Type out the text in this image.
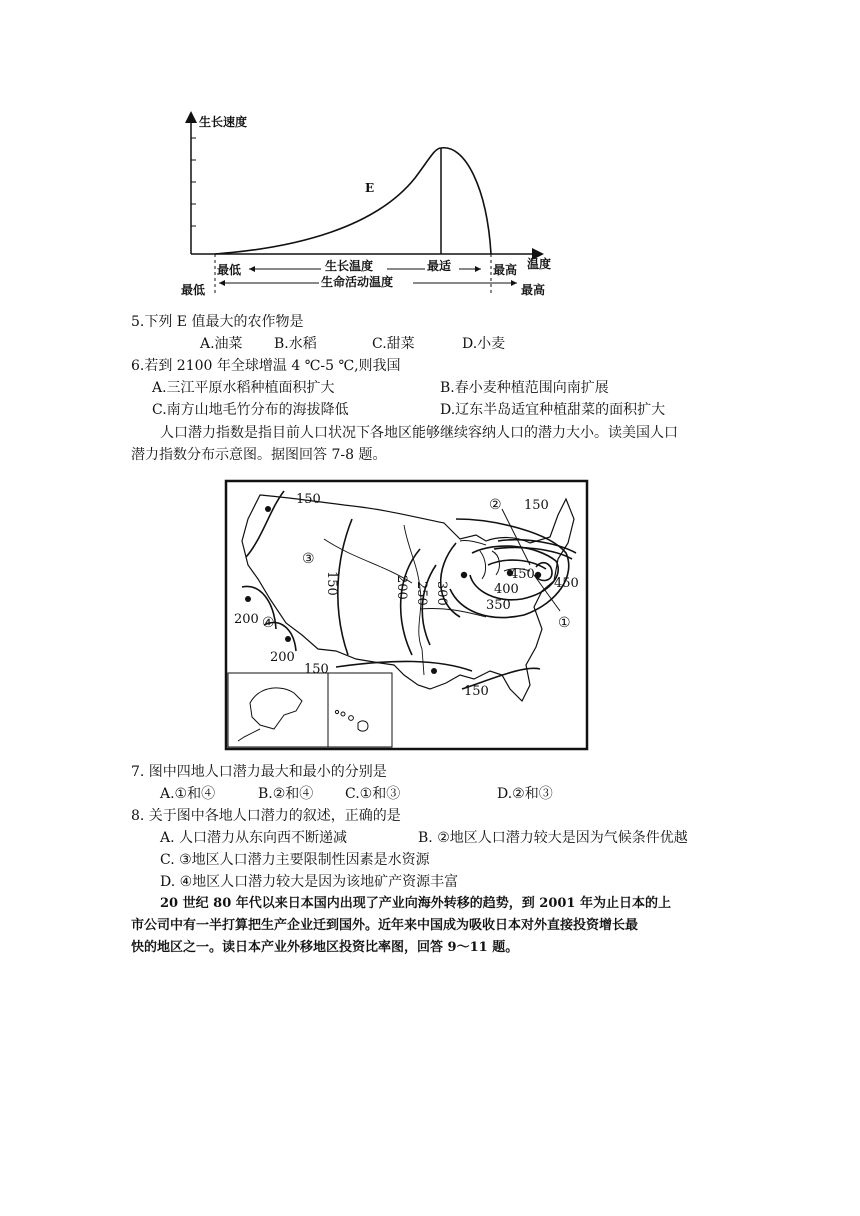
生长速度
温度
E
最低	生长温度	最适	最高
生命活动温度
最低	最高
5.下列 E 值最大的农作物是
A.油菜 B.水稻	C.甜菜	D.小麦
6.若到 2100 年全球增温 4 ℃-5 ℃,则我国
A.三江平原水稻种植面积扩大	B.春小麦种植范围向南扩展
C.南方山地毛竹分布的海拔降低	D.辽东半岛适宜种植甜菜的面积扩大
人口潜力指数是指目前人口状况下各地区能够继续容纳人口的潜力大小。读美国人口
潜力指数分布示意图。据图回答 7-8 题。
150	150
150	200 250 300	350
400
450
450
200
200
150
150
①
②
③
④
7. 图中四地人口潜力最大和最小的分别是
A.①和④	B.②和④ C.①和③	D.②和③
8. 关于图中各地人口潜力的叙述，正确的是
A. 人口潜力从东向西不断递减	B. ②地区人口潜力较大是因为气候条件优越
C. ③地区人口潜力主要限制性因素是水资源
D. ④地区人口潜力较大是因为该地矿产资源丰富
20 世纪 80 年代以来日本国内出现了产业向海外转移的趋势，到 2001 年为止日本的上
市公司中有一半打算把生产企业迁到国外。近年来中国成为吸收日本对外直接投资增长最
快的地区之一。读日本产业外移地区投资比率图，回答 9～11 题。
